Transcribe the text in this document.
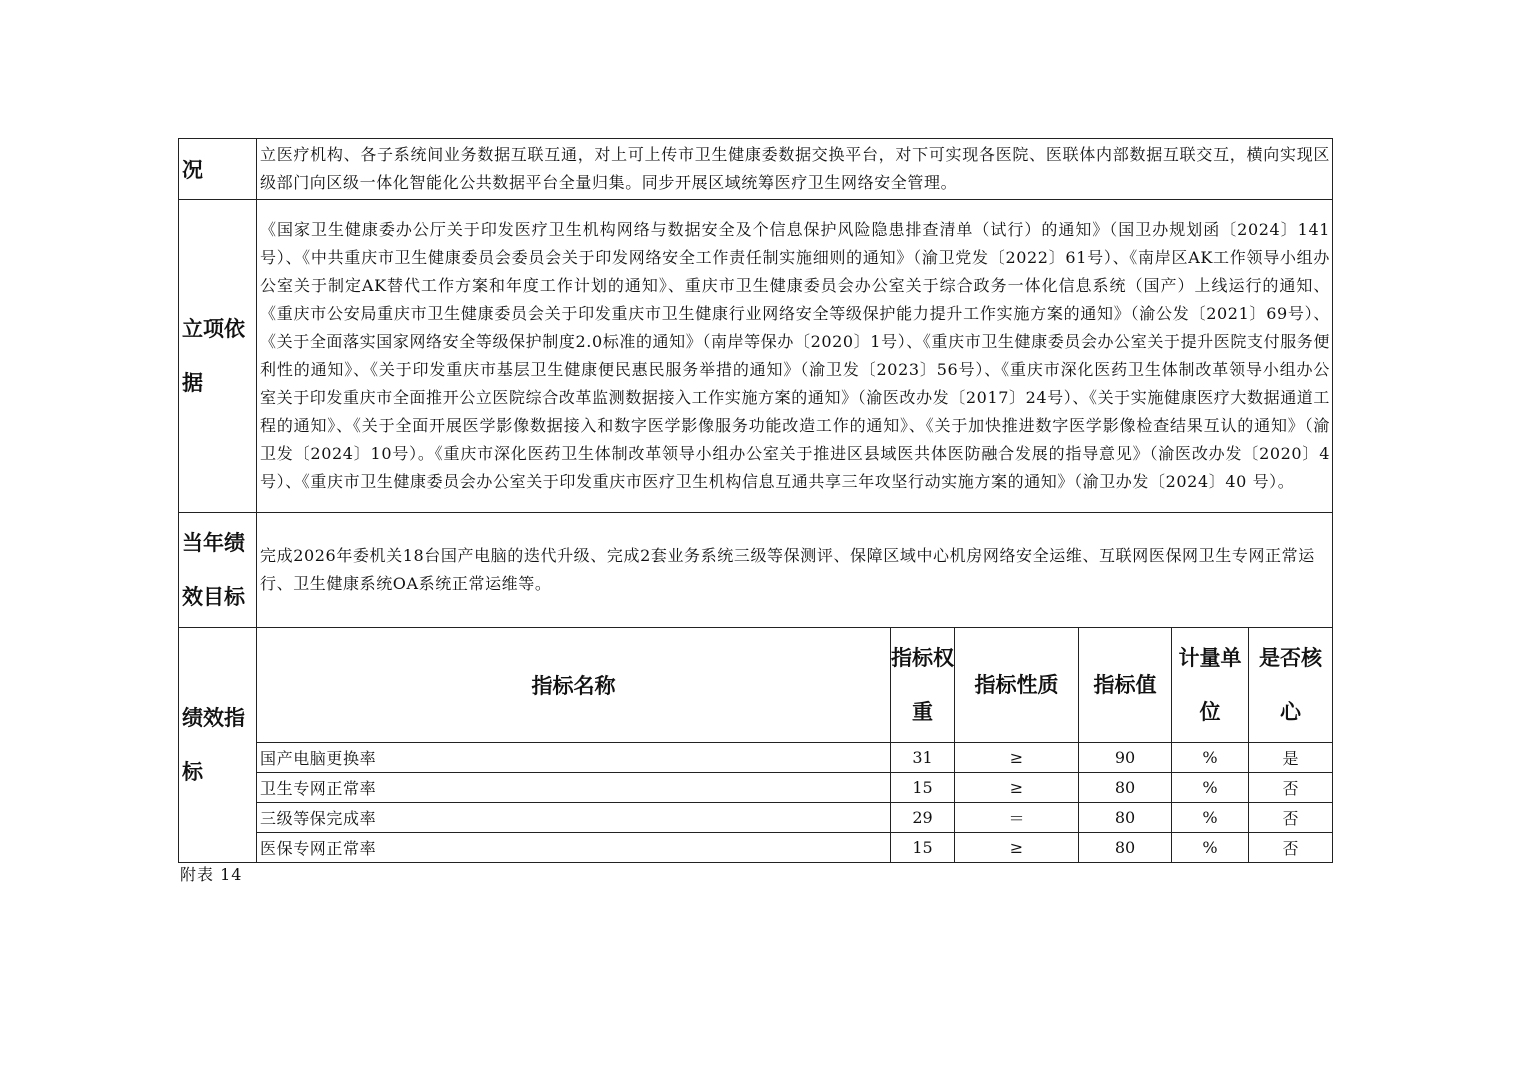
况	立医疗机构、各子系统间业务数据互联互通，对上可上传市卫生健康委数据交换平台，对下可实现各医院、医联体内部数据互联交互，横向实现区级部门向区级一体化智能化公共数据平台全量归集。同步开展区域统筹医疗卫生网络安全管理。					
立项依据	《国家卫生健康委办公厅关于印发医疗卫生机构网络与数据安全及个信息保护风险隐患排查清单（试行）的通知》（国卫办规划函〔2024〕141号）、《中共重庆市卫生健康委员会委员会关于印发网络安全工作责任制实施细则的通知》（渝卫党发〔2022〕61号）、《南岸区AK工作领导小组办公室关于制定AK替代工作方案和年度工作计划的通知》、重庆市卫生健康委员会办公室关于综合政务一体化信息系统（国产）上线运行的通知、《重庆市公安局重庆市卫生健康委员会关于印发重庆市卫生健康行业网络安全等级保护能力提升工作实施方案的通知》（渝公发〔2021〕69号）、《关于全面落实国家网络安全等级保护制度2.0标准的通知》（南岸等保办〔2020〕1号）、《重庆市卫生健康委员会办公室关于提升医院支付服务便利性的通知》、《关于印发重庆市基层卫生健康便民惠民服务举措的通知》（渝卫发〔2023〕56号）、《重庆市深化医药卫生体制改革领导小组办公室关于印发重庆市全面推开公立医院综合改革监测数据接入工作实施方案的通知》（渝医改办发〔2017〕24号）、《关于实施健康医疗大数据通道工程的通知》、《关于全面开展医学影像数据接入和数字医学影像服务功能改造工作的通知》、《关于加快推进数字医学影像检查结果互认的通知》（渝卫发〔2024〕10号）。《重庆市深化医药卫生体制改革领导小组办公室关于推进区县域医共体医防融合发展的指导意见》（渝医改办发〔2020〕4 号）、《重庆市卫生健康委员会办公室关于印发重庆市医疗卫生机构信息互通共享三年攻坚行动实施方案的通知》（渝卫办发〔2024〕40 号）。					
当年绩效目标	完成2026年委机关18台国产电脑的迭代升级、完成2套业务系统三级等保测评、保障区域中心机房网络安全运维、互联网医保网卫生专网正常运行、卫生健康系统OA系统正常运维等。					
绩效指标	指标名称	指标权重	指标性质	指标值	计量单位	是否核心
	国产电脑更换率	31	≥	90	%	是
	卫生专网正常率	15	≥	80	%	否
	三级等保完成率	29	＝	80	%	否
	医保专网正常率	15	≥	80	%	否
附表 14
